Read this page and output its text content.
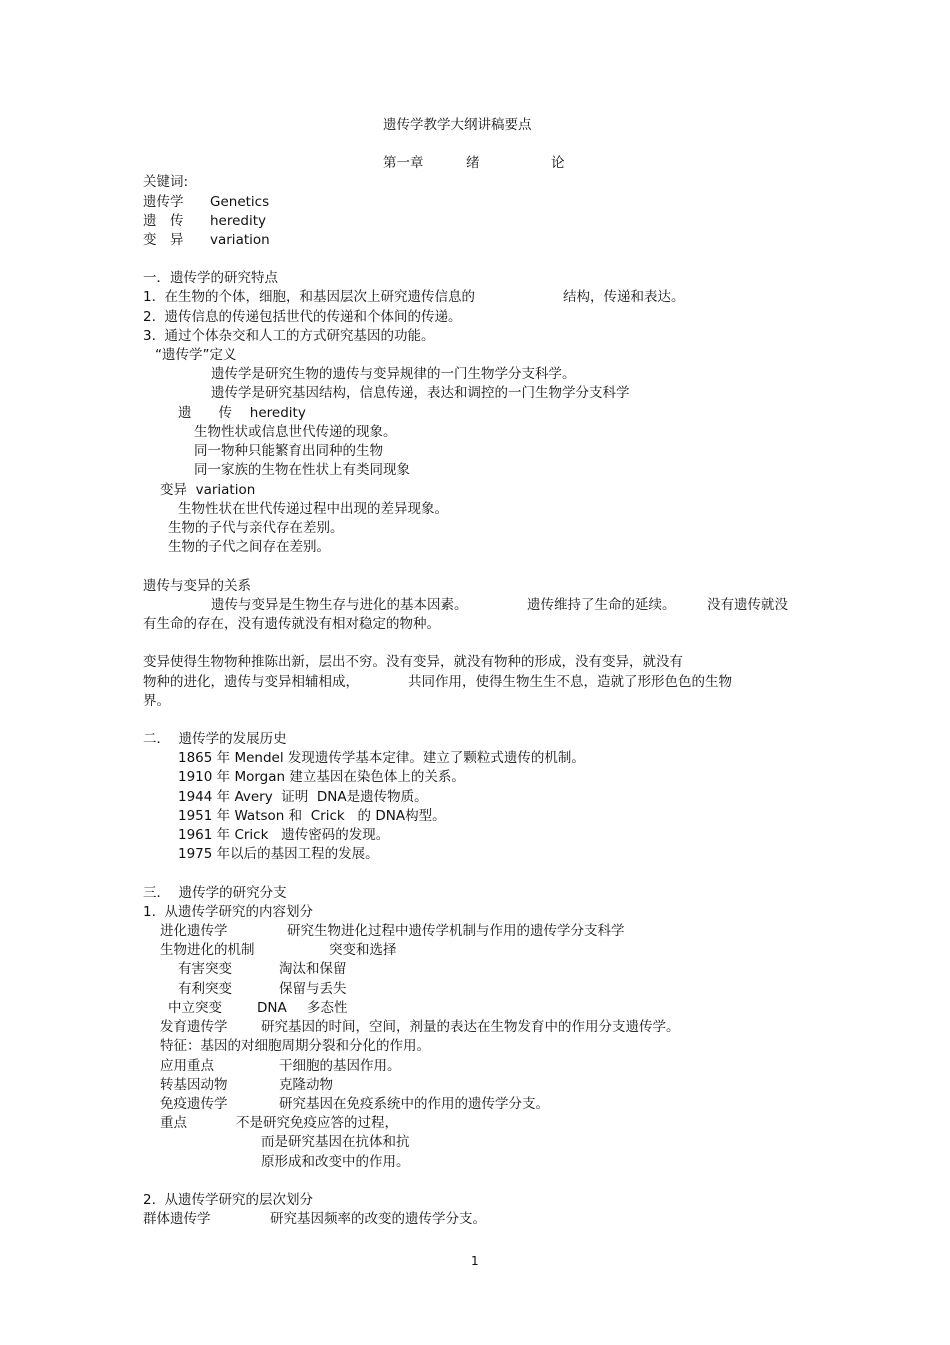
遗传学教学大纲讲稿要点
第一章	绪	论
关键词:
遗传学 Genetics
遗　传 heredity
变　异 variation
一．遗传学的研究特点
1.  在生物的个体，细胞，和基因层次上研究遗传信息的	结构，传递和表达。
2.  遗传信息的传递包括世代的传递和个体间的传递。
3.  通过个体杂交和人工的方式研究基因的功能。
“遗传学”定义
遗传学是研究生物的遗传与变异规律的一门生物学分支科学。
遗传学是研究基因结构，信息传递，表达和调控的一门生物学分支科学
遗　　传　 heredity
生物性状或信息世代传递的现象。
同一物种只能繁育出同种的生物
同一家族的生物在性状上有类同现象
变异  variation
生物性状在世代传递过程中出现的差异现象。
生物的子代与亲代存在差别。
生物的子代之间存在差别。
遗传与变异的关系
遗传与变异是生物生存与进化的基本因素。	遗传维持了生命的延续。 没有遗传就没
有生命的存在，没有遗传就没有相对稳定的物种。
变异使得生物物种推陈出新，层出不穷。没有变异，就没有物种的形成，没有变异，就没有
物种的进化，遗传与变异相辅相成，	共同作用，使得生物生生不息，造就了形形色色的生物
界。
二．  遗传学的发展历史
1865 年 Mendel 发现遗传学基本定律。建立了颗粒式遗传的机制。
1910 年 Morgan 建立基因在染色体上的关系。
1944 年 Avery  证明  DNA是遗传物质。
1951 年 Watson 和  Crick   的 DNA构型。
1961 年 Crick   遗传密码的发现。
1975 年以后的基因工程的发展。
三．  遗传学的研究分支
1.  从遗传学研究的内容划分
进化遗传学	研究生物进化过程中遗传学机制与作用的遗传学分支科学
生物进化的机制	突变和选择
有害突变	淘汰和保留
有利突变	保留与丢失
中立突变	DNA 多态性
发育遗传学 研究基因的时间，空间，剂量的表达在生物发育中的作用分支遗传学。
特征：基因的对细胞周期分裂和分化的作用。
应用重点	干细胞的基因作用。
转基因动物	克隆动物
免疫遗传学	研究基因在免疫系统中的作用的遗传学分支。
重点	不是研究免疫应答的过程，
而是研究基因在抗体和抗
原形成和改变中的作用。
2.  从遗传学研究的层次划分
群体遗传学	研究基因频率的改变的遗传学分支。
1
